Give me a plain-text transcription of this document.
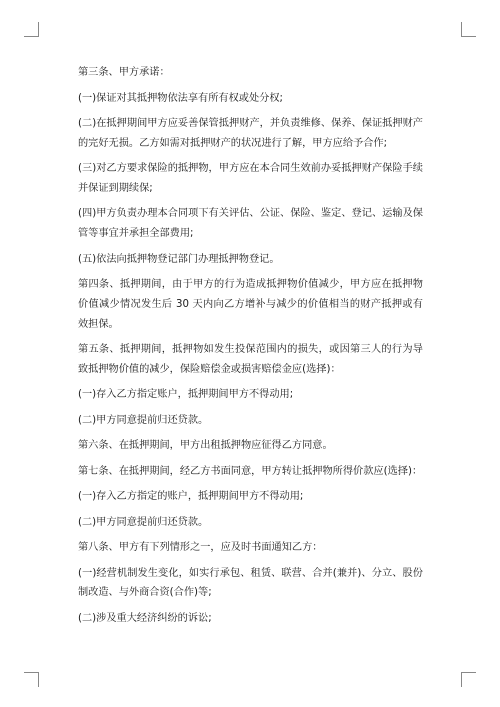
第三条、甲方承诺：

(一)保证对其抵押物依法享有所有权或处分权;

(二)在抵押期间甲方应妥善保管抵押财产，并负责维修、保养、保证抵押财产的完好无损。乙方如需对抵押财产的状况进行了解，甲方应给予合作;

(三)对乙方要求保险的抵押物，甲方应在本合同生效前办妥抵押财产保险手续并保证到期续保;

(四)甲方负责办理本合同项下有关评估、公证、保险、鉴定、登记、运输及保管等事宜并承担全部费用;

(五)依法向抵押物登记部门办理抵押物登记。

第四条、抵押期间，由于甲方的行为造成抵押物价值减少，甲方应在抵押物价值减少情况发生后 30 天内向乙方增补与减少的价值相当的财产抵押或有效担保。

第五条、抵押期间，抵押物如发生投保范围内的损失，或因第三人的行为导致抵押物价值的减少，保险赔偿金或损害赔偿金应(选择)：

(一)存入乙方指定账户，抵押期间甲方不得动用;

(二)甲方同意提前归还贷款。

第六条、在抵押期间，甲方出租抵押物应征得乙方同意。

第七条、在抵押期间，经乙方书面同意，甲方转让抵押物所得价款应(选择)：

(一)存入乙方指定的账户，抵押期间甲方不得动用;

(二)甲方同意提前归还贷款。

第八条、甲方有下列情形之一，应及时书面通知乙方：

(一)经营机制发生变化，如实行承包、租赁、联营、合并(兼并)、分立、股份制改造、与外商合资(合作)等;

(二)涉及重大经济纠纷的诉讼;
